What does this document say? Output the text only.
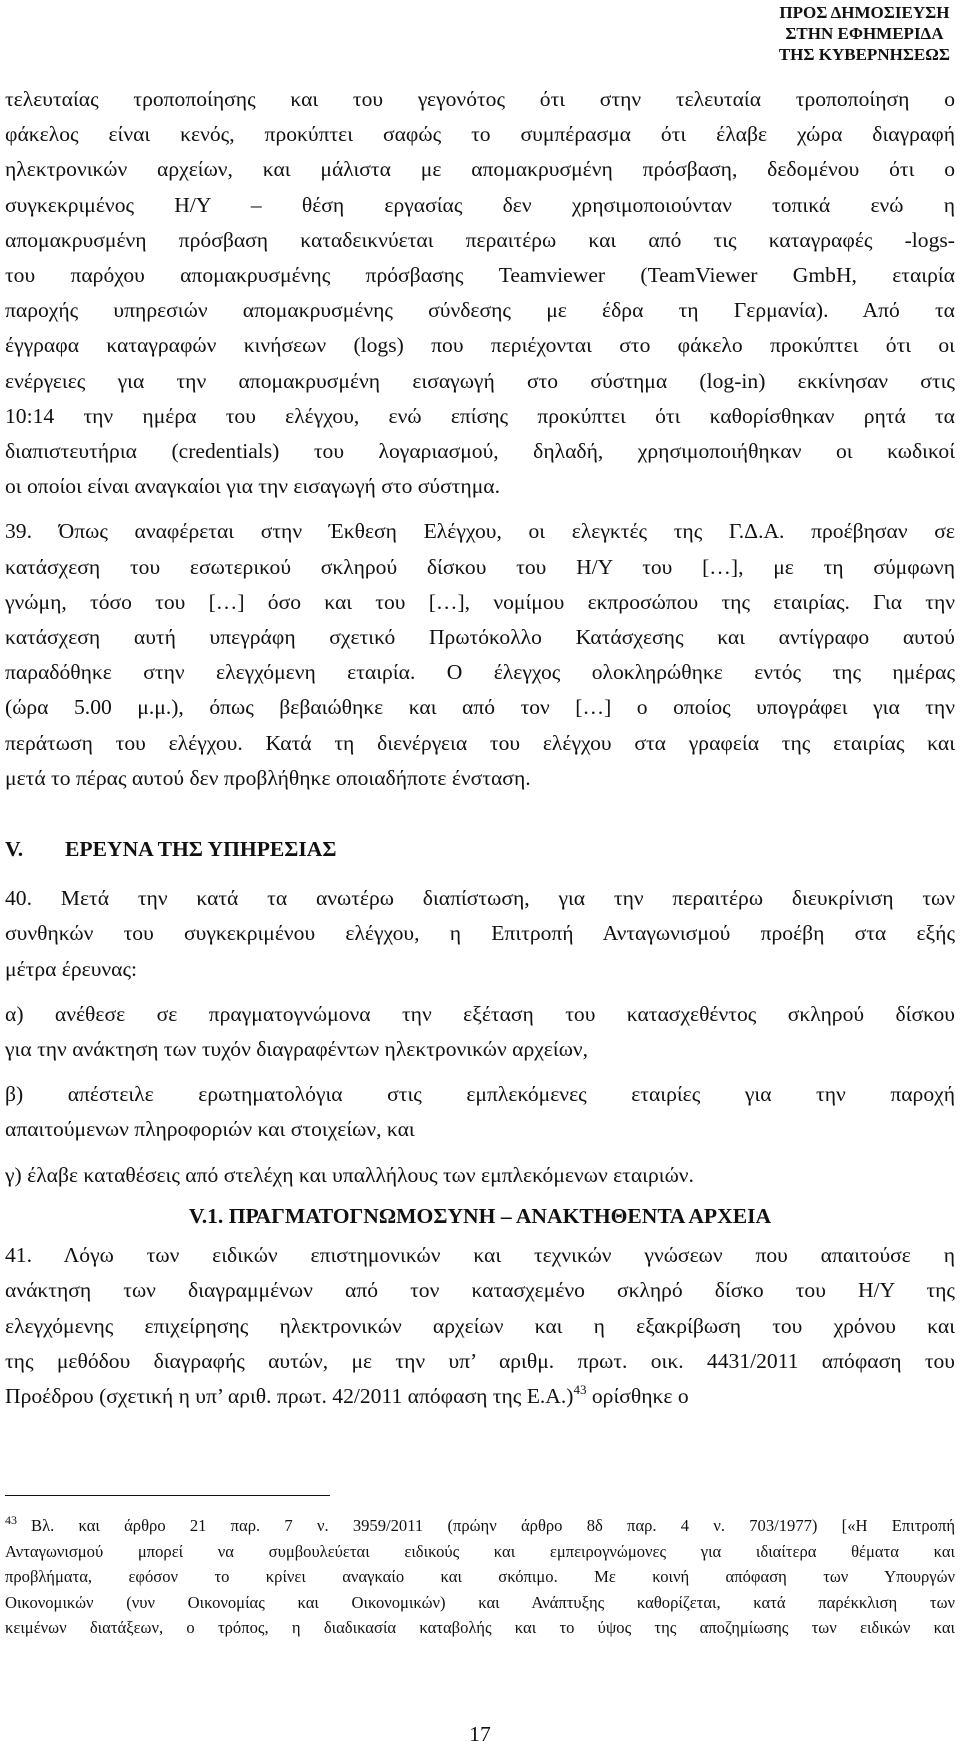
ΠΡΟΣ ΔΗΜΟΣΙΕΥΣΗ
ΣΤΗΝ ΕΦΗΜΕΡΙΔΑ
ΤΗΣ ΚΥΒΕΡΝΗΣΕΩΣ

τελευταίας τροποποίησης και του γεγονότος ότι στην τελευταία τροποποίηση ο
φάκελος είναι κενός, προκύπτει σαφώς το συμπέρασμα ότι έλαβε χώρα διαγραφή
ηλεκτρονικών αρχείων, και μάλιστα με απομακρυσμένη πρόσβαση, δεδομένου ότι ο
συγκεκριμένος Η/Υ – θέση εργασίας δεν χρησιμοποιούνταν τοπικά ενώ η
απομακρυσμένη πρόσβαση καταδεικνύεται περαιτέρω και από τις καταγραφές -logs-
του παρόχου απομακρυσμένης πρόσβασης Teamviewer (TeamViewer GmbH, εταιρία
παροχής υπηρεσιών απομακρυσμένης σύνδεσης με έδρα τη Γερμανία). Από τα
έγγραφα καταγραφών κινήσεων (logs) που περιέχονται στο φάκελο προκύπτει ότι οι
ενέργειες για την απομακρυσμένη εισαγωγή στο σύστημα (log-in) εκκίνησαν στις
10:14 την ημέρα του ελέγχου, ενώ επίσης προκύπτει ότι καθορίσθηκαν ρητά τα
διαπιστευτήρια (credentials) του λογαριασμού, δηλαδή, χρησιμοποιήθηκαν οι κωδικοί
οι οποίοι είναι αναγκαίοι για την εισαγωγή στο σύστημα.

39. Όπως αναφέρεται στην Έκθεση Ελέγχου, οι ελεγκτές της Γ.Δ.Α. προέβησαν σε
κατάσχεση του εσωτερικού σκληρού δίσκου του Η/Υ του […], με τη σύμφωνη
γνώμη, τόσο του […] όσο και του […], νομίμου εκπροσώπου της εταιρίας. Για την
κατάσχεση αυτή υπεγράφη σχετικό Πρωτόκολλο Κατάσχεσης και αντίγραφο αυτού
παραδόθηκε στην ελεγχόμενη εταιρία. Ο έλεγχος ολοκληρώθηκε εντός της ημέρας
(ώρα 5.00 μ.μ.), όπως βεβαιώθηκε και από τον […] ο οποίος υπογράφει για την
περάτωση του ελέγχου. Κατά τη διενέργεια του ελέγχου στα γραφεία της εταιρίας και
μετά το πέρας αυτού δεν προβλήθηκε οποιαδήποτε ένσταση.

V. ΕΡΕΥΝΑ ΤΗΣ ΥΠΗΡΕΣΙΑΣ

40. Μετά την κατά τα ανωτέρω διαπίστωση, για την περαιτέρω διευκρίνιση των
συνθηκών του συγκεκριμένου ελέγχου, η Επιτροπή Ανταγωνισμού προέβη στα εξής
μέτρα έρευνας:

α) ανέθεσε σε πραγματογνώμονα την εξέταση του κατασχεθέντος σκληρού δίσκου
για την ανάκτηση των τυχόν διαγραφέντων ηλεκτρονικών αρχείων,

β) απέστειλε ερωτηματολόγια στις εμπλεκόμενες εταιρίες για την παροχή
απαιτούμενων πληροφοριών και στοιχείων, και

γ) έλαβε καταθέσεις από στελέχη και υπαλλήλους των εμπλεκόμενων εταιριών.

V.1. ΠΡΑΓΜΑΤΟΓΝΩΜΟΣΥΝΗ – ΑΝΑΚΤΗΘΕΝΤΑ ΑΡΧΕΙΑ

41. Λόγω των ειδικών επιστημονικών και τεχνικών γνώσεων που απαιτούσε η
ανάκτηση των διαγραμμένων από τον κατασχεμένο σκληρό δίσκο του Η/Υ της
ελεγχόμενης επιχείρησης ηλεκτρονικών αρχείων και η εξακρίβωση του χρόνου και
της μεθόδου διαγραφής αυτών, με την υπ’ αριθμ. πρωτ. οικ. 4431/2011 απόφαση του
Προέδρου (σχετική η υπ’ αριθ. πρωτ. 42/2011 απόφαση της Ε.Α.)$^{43}$ ορίσθηκε ο

$^{43}$ Βλ. και άρθρο 21 παρ. 7 ν. 3959/2011 (πρώην άρθρο 8δ παρ. 4 ν. 703/1977) [«Η Επιτροπή
Ανταγωνισμού μπορεί να συμβουλεύεται ειδικούς και εμπειρογνώμονες για ιδιαίτερα θέματα και
προβλήματα, εφόσον το κρίνει αναγκαίο και σκόπιμο. Με κοινή απόφαση των Υπουργών
Οικονομικών (νυν Οικονομίας και Οικονομικών) και Ανάπτυξης καθορίζεται, κατά παρέκκλιση των
κειμένων διατάξεων, ο τρόπος, η διαδικασία καταβολής και το ύψος της αποζημίωσης των ειδικών και
17
